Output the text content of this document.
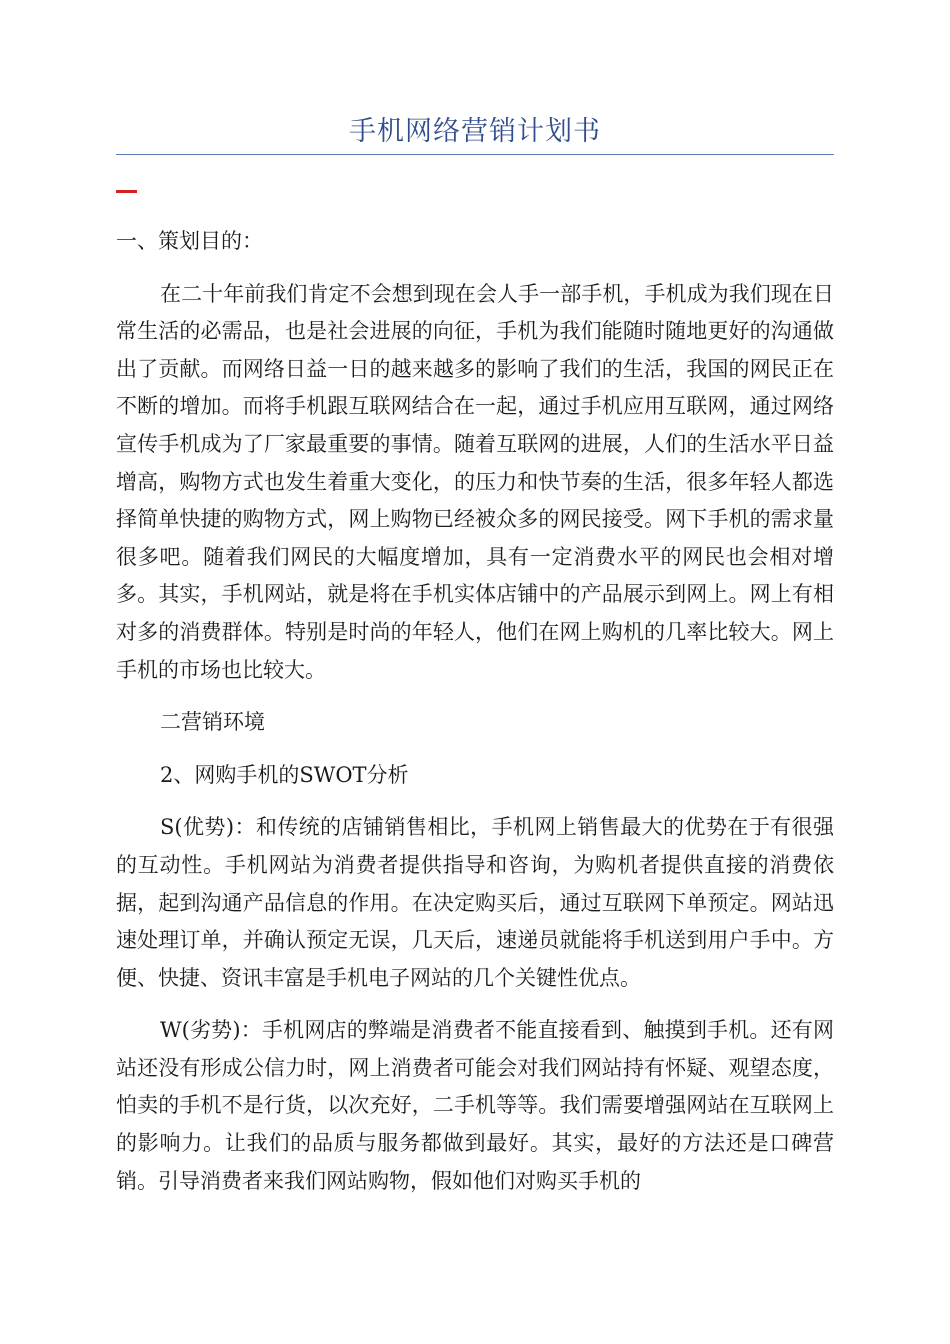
手机网络营销计划书

一、策划目的：

在二十年前我们肯定不会想到现在会人手一部手机，手机成为我们现在日常生活的必需品，也是社会进展的向征，手机为我们能随时随地更好的沟通做出了贡献。而网络日益一日的越来越多的影响了我们的生活，我国的网民正在不断的增加。而将手机跟互联网结合在一起，通过手机应用互联网，通过网络宣传手机成为了厂家最重要的事情。随着互联网的进展，人们的生活水平日益增高，购物方式也发生着重大变化，的压力和快节奏的生活，很多年轻人都选择简单快捷的购物方式，网上购物已经被众多的网民接受。网下手机的需求量很多吧。随着我们网民的大幅度增加，具有一定消费水平的网民也会相对增多。其实，手机网站，就是将在手机实体店铺中的产品展示到网上。网上有相对多的消费群体。特别是时尚的年轻人，他们在网上购机的几率比较大。网上手机的市场也比较大。

二营销环境

2、网购手机的SWOT分析

S(优势)：和传统的店铺销售相比，手机网上销售最大的优势在于有很强的互动性。手机网站为消费者提供指导和咨询，为购机者提供直接的消费依据，起到沟通产品信息的作用。在决定购买后，通过互联网下单预定。网站迅速处理订单，并确认预定无误，几天后，速递员就能将手机送到用户手中。方便、快捷、资讯丰富是手机电子网站的几个关键性优点。

W(劣势)：手机网店的弊端是消费者不能直接看到、触摸到手机。还有网站还没有形成公信力时，网上消费者可能会对我们网站持有怀疑、观望态度，怕卖的手机不是行货，以次充好，二手机等等。我们需要增强网站在互联网上的影响力。让我们的品质与服务都做到最好。其实，最好的方法还是口碑营销。引导消费者来我们网站购物，假如他们对购买手机的
